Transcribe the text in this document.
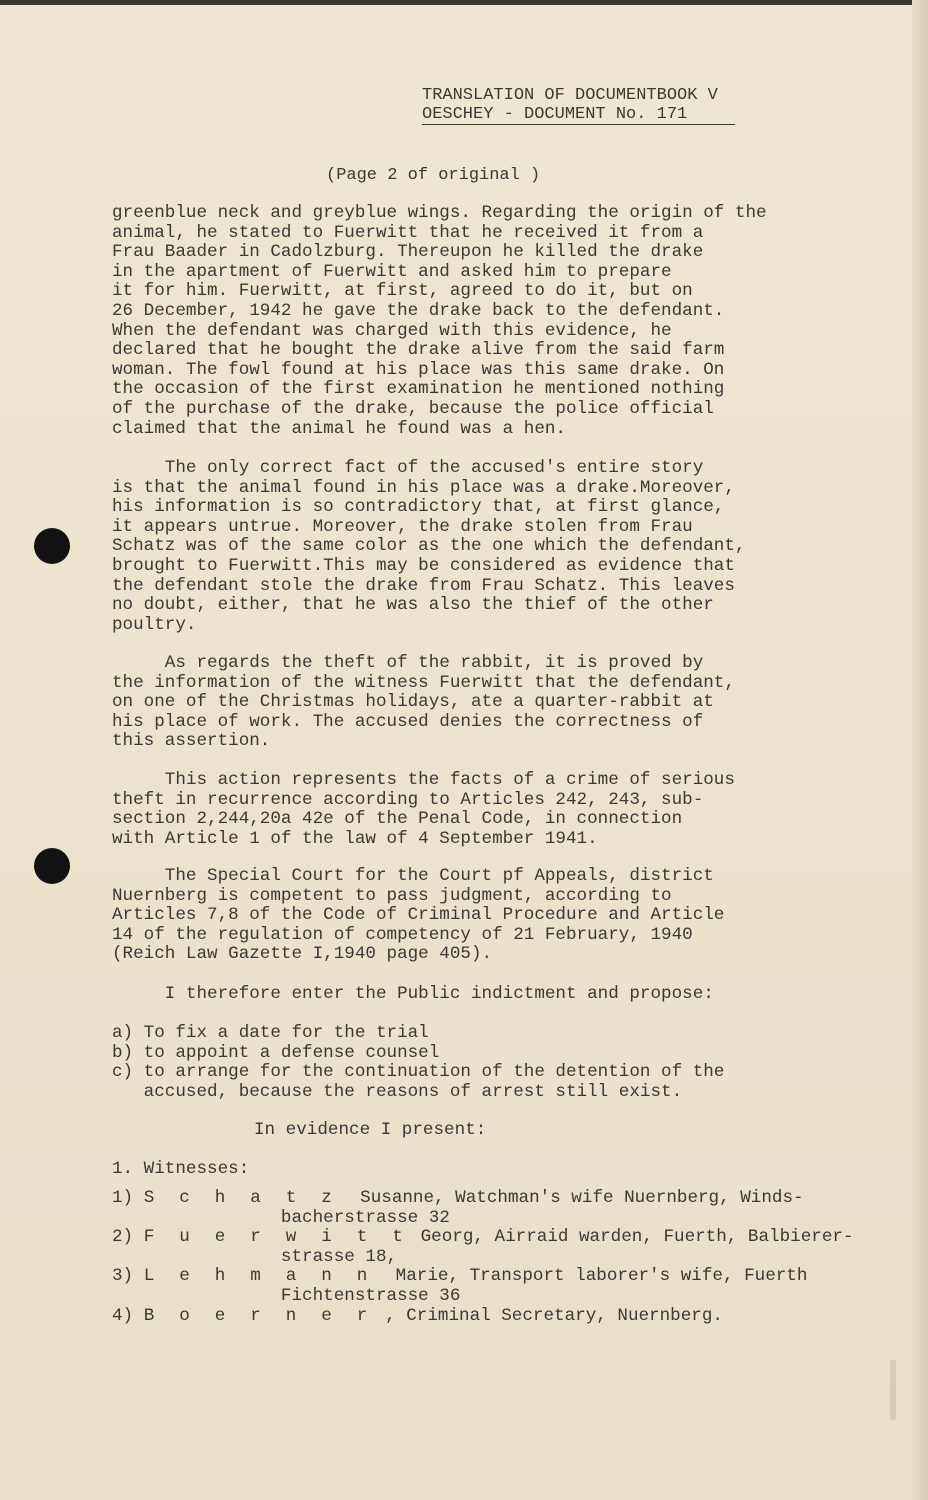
TRANSLATION OF DOCUMENTBOOK V
OESCHEY - DOCUMENT No. 171
(Page 2 of original )
greenblue neck and greyblue wings. Regarding the origin of the
animal, he stated to Fuerwitt that he received it from a
Frau Baader in Cadolzburg. Thereupon he killed the drake
in the apartment of Fuerwitt and asked him to prepare
it for him. Fuerwitt, at first, agreed to do it, but on
26 December, 1942 he gave the drake back to the defendant.
When the defendant was charged with this evidence, he
declared that he bought the drake alive from the said farm
woman. The fowl found at his place was this same drake. On
the occasion of the first examination he mentioned nothing
of the purchase of the drake, because the police official
claimed that the animal he found was a hen.
The only correct fact of the accused's entire story
is that the animal found in his place was a drake.Moreover,
his information is so contradictory that, at first glance,
it appears untrue. Moreover, the drake stolen from Frau
Schatz was of the same color as the one which the defendant,
brought to Fuerwitt.This may be considered as evidence that
the defendant stole the drake from Frau Schatz. This leaves
no doubt, either, that he was also the thief of the other
poultry.
As regards the theft of the rabbit, it is proved by
the information of the witness Fuerwitt that the defendant,
on one of the Christmas holidays, ate a quarter-rabbit at
his place of work. The accused denies the correctness of
this assertion.
This action represents the facts of a crime of serious
theft in recurrence according to Articles 242, 243, sub-
section 2,244,20a 42e of the Penal Code, in connection
with Article 1 of the law of 4 September 1941.
The Special Court for the Court pf Appeals, district
Nuernberg is competent to pass judgment, according to
Articles 7,8 of the Code of Criminal Procedure and Article
14 of the regulation of competency of 21 February, 1940
(Reich Law Gazette I,1940 page 405).
I therefore enter the Public indictment and propose:
a) To fix a date for the trial
b) to appoint a defense counsel
c) to arrange for the continuation of the detention of the
accused, because the reasons of arrest still exist.
In evidence I present:
1. Witnesses:
1) S c h a t z  Susanne, Watchman's wife Nuernberg, Winds-
bacherstrasse 32
2) F u e r w i t t Georg, Airraid warden, Fuerth, Balbierer-
strasse 18,
3) L e h m a n n  Marie, Transport laborer's wife, Fuerth
Fichtenstrasse 36
4) B o e r n e r , Criminal Secretary, Nuernberg.
